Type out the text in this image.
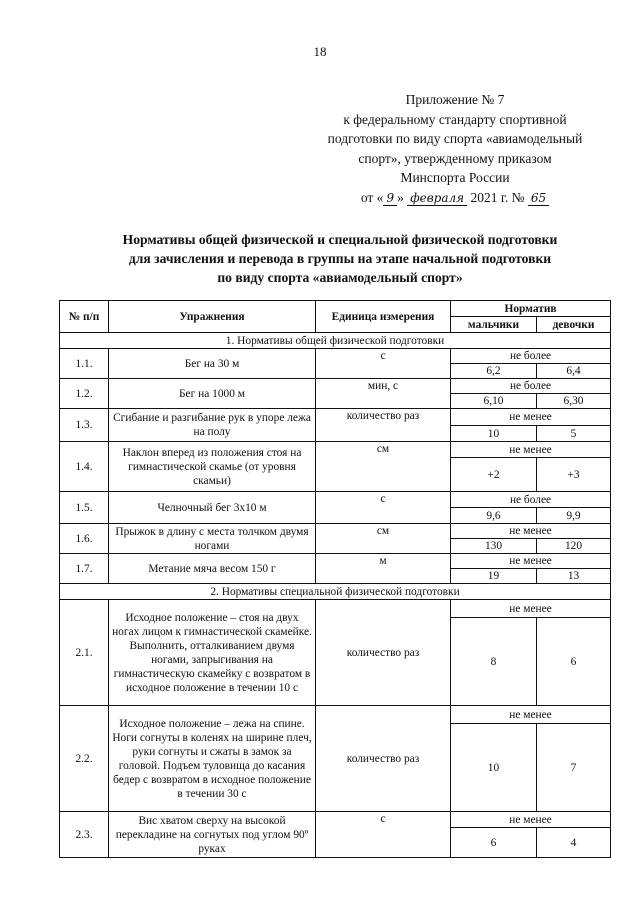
18
Приложение № 7
к федеральному стандарту спортивной
подготовки по виду спорта «авиамодельный
спорт», утвержденному приказом
Минспорта России
от « 9 » февраля 2021 г. № 65
Нормативы общей физической и специальной физической подготовки
для зачисления и перевода в группы на этапе начальной подготовки
по виду спорта «авиамодельный спорт»
№ п/п	Упражнения	Единица измерения	Норматив	
			мальчики	девочки
1. Нормативы общей физической подготовки				
1.1.	Бег на 30 м	с	не более	
			6,2	6,4
1.2.	Бег на 1000 м	мин, с	не более	
			6,10	6,30
1.3.	Сгибание и разгибание рук в упоре лежа на полу	количество раз	не менее	
			10	5
1.4.	Наклон вперед из положения стоя на гимнастической скамье (от уровня скамьи)	см	не менее	
			+2	+3
1.5.	Челночный бег 3х10 м	с	не более	
			9,6	9,9
1.6.	Прыжок в длину с места толчком двумя ногами	см	не менее	
			130	120
1.7.	Метание мяча весом 150 г	м	не менее	
			19	13
2. Нормативы специальной физической подготовки				
2.1.	Исходное положение – стоя на двух ногах лицом к гимнастической скамейке. Выполнить, отталкиванием двумя ногами, запрыгивания на гимнастическую скамейку с возвратом в исходное положение в течении 10 с	количество раз	не менее	
			8	6
2.2.	Исходное положение – лежа на спине. Ноги согнуты в коленях на ширине плеч, руки согнуты и сжаты в замок за головой. Подъем туловища до касания бедер с возвратом в исходное положение в течении 30 с	количество раз	не менее	
			10	7
2.3.	Вис хватом сверху на высокой перекладине на согнутых под углом 90º руках	с	не менее	
			6	4
